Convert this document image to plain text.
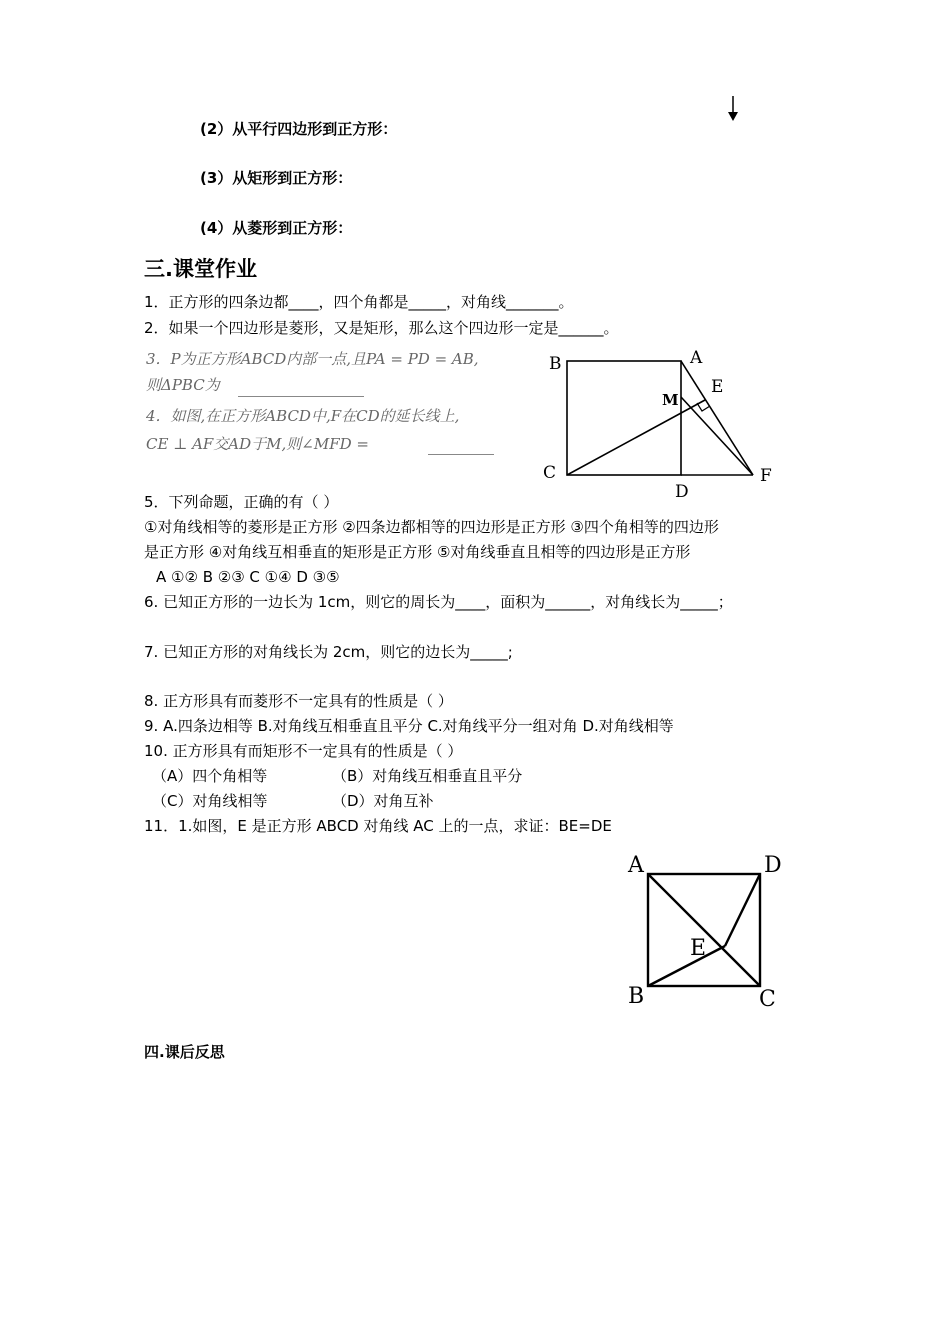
(2）从平行四边形到正方形：
(3）从矩形到正方形：
(4）从菱形到正方形：
三.课堂作业
1．正方形的四条边都____，四个角都是_____，对角线_______。
2．如果一个四边形是菱形，又是矩形，那么这个四边形一定是______。
3．P为正方形ABCD内部一点,且PA = PD = AB,
则ΔPBC为
4．如图,在正方形ABCD中,F在CD的延长线上,
CE ⊥ AF交AD于M,则∠MFD =
B	A
E
M
C
D
F
5．下列命题，正确的有（ ）
①对角线相等的菱形是正方形 ②四条边都相等的四边形是正方形 ③四个角相等的四边形
是正方形 ④对角线互相垂直的矩形是正方形 ⑤对角线垂直且相等的四边形是正方形
A ①② B ②③ C ①④ D ③⑤
6. 已知正方形的一边长为 1cm，则它的周长为____，面积为______，对角线长为_____；
7. 已知正方形的对角线长为 2cm，则它的边长为_____;
8. 正方形具有而菱形不一定具有的性质是（ ）
9. A.四条边相等 B.对角线互相垂直且平分 C.对角线平分一组对角 D.对角线相等
10. 正方形具有而矩形不一定具有的性质是（ ）
（A）四个角相等	（B）对角线互相垂直且平分
（C）对角线相等	（D）对角互补
11．1.如图，E 是正方形 ABCD 对角线 AC 上的一点，求证：BE=DE
A	D
E
B	C
四.课后反思
